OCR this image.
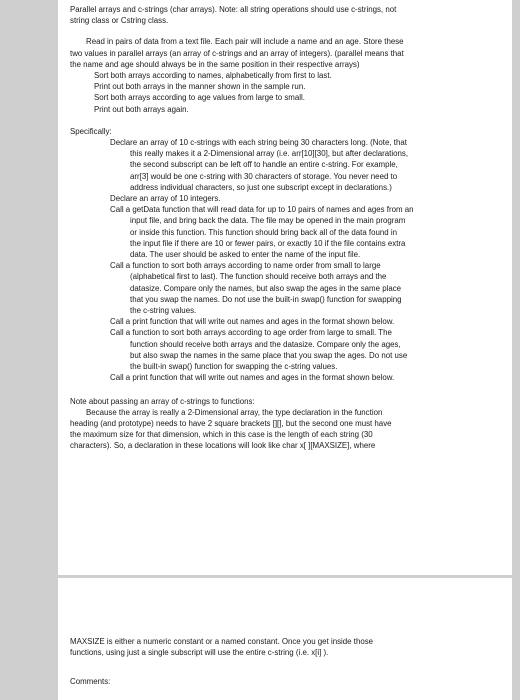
Parallel arrays and c-strings (char arrays). Note: all string operations should use c-strings, not

string class or Cstring class.

Read in pairs of data from a text file. Each pair will include a name and an age. Store these

two values in parallel arrays (an array of c-strings and an array of integers). (parallel means that

the name and age should always be in the same position in their respective arrays)

Sort both arrays according to names, alphabetically from first to last.

Print out both arrays in the manner shown in the sample run.

Sort both arrays according to age values from large to small.

Print out both arrays again.

Specifically:

Declare an array of 10 c-strings with each string being 30 characters long. (Note, that

this really makes it a 2-Dimensional array (i.e. arr[10][30], but after declarations,

the second subscript can be left off to handle an entire c-string. For example,

arr[3] would be one c-string with 30 characters of storage. You never need to

address individual characters, so just one subscript except in declarations.)

Declare an array of 10 integers.

Call a getData function that will read data for up to 10 pairs of names and ages from an

input file, and bring back the data. The file may be opened in the main program

or inside this function. This function should bring back all of the data found in

the input file if there are 10 or fewer pairs, or exactly 10 if the file contains extra

data. The user should be asked to enter the name of the input file.

Call a function to sort both arrays according to name order from small to large

(alphabetical first to last). The function should receive both arrays and the

datasize. Compare only the names, but also swap the ages in the same place

that you swap the names. Do not use the built-in swap() function for swapping

the c-string values.

Call a print function that will write out names and ages in the format shown below.

Call a function to sort both arrays according to age order from large to small. The

function should receive both arrays and the datasize. Compare only the ages,

but also swap the names in the same place that you swap the ages. Do not use

the built-in swap() function for swapping the c-string values.

Call a print function that will write out names and ages in the format shown below.

Note about passing an array of c-strings to functions:

Because the array is really a 2-Dimensional array, the type declaration in the function

heading (and prototype) needs to have 2 square brackets [][], but the second one must have

the maximum size for that dimension, which in this case is the length of each string (30

characters). So, a declaration in these locations will look like char x[ ][MAXSIZE], where

MAXSIZE is either a numeric constant or a named constant. Once you get inside those

functions, using just a single subscript will use the entire c-string (i.e. x[i] ).

Comments:
